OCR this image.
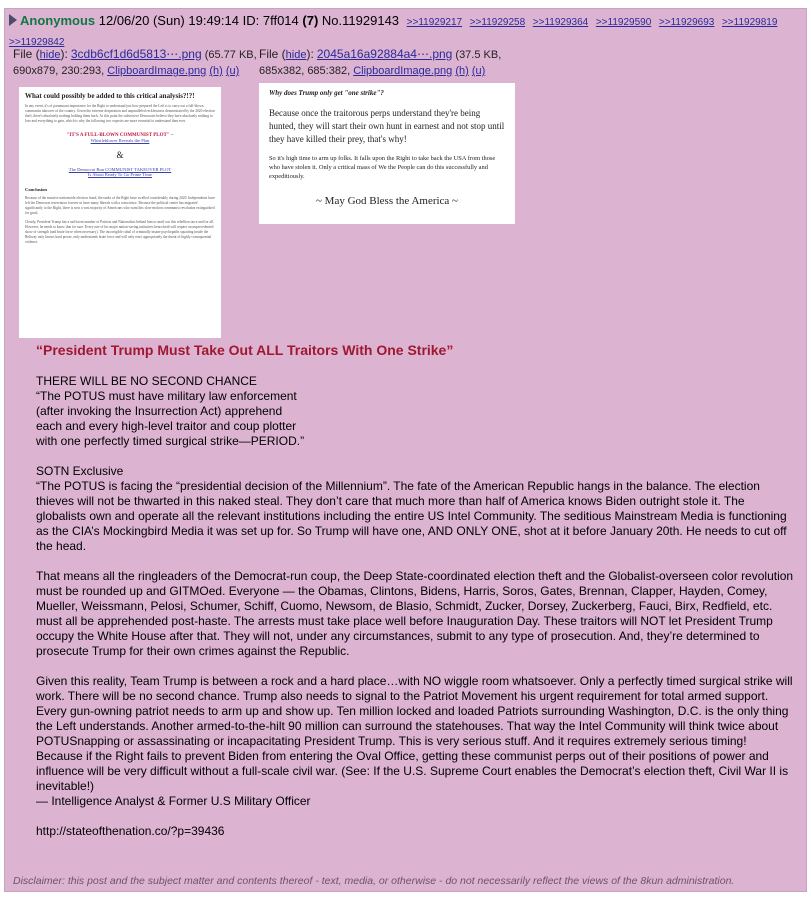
Anonymous 12/06/20 (Sun) 19:49:14 ID: 7ff014 (7) No.11929143 >>11929217 >>11929258 >>11929364 >>11929590 >>11929693 >>11929819
>>11929842
File (hide): 3cdb6cf1d6d5813⋯.png (65.77 KB, 690x879, 230:293, ClipboardImage.png (h) (u)
File (hide): 2045a16a92884a4⋯.png (37.5 KB, 685x382, 685:382, ClipboardImage.png (h) (u)
What could possibly be added to this critical analysis?!?!
In any event, it's of paramount importance for the Right to understand just how prepared the Left is to carry out a full-blown communist takeover of the country. Given the extreme desperation and unparalleled recklessness demonstrated by the 2020 election theft, there's absolutely nothing holding them back. At this point the subversive Democrats believe they have absolutely nothing to lose and everything to gain, which is why the following two exposés are more essential to understand than ever.
"IT'S A FULL-BLOWN COMMUNIST PLOT" –
Whistleblower Reveals the Plan
&
The Democrat Run COMMUNIST TAKEOVER PLOT
Is About Ready To Go Prime Time
Conclusion
Because of the massive nationwide election fraud, the ranks of the Right have swelled considerably during 2020. Independents have left the Democrat reservation forever as have many liberals with a conscience. Because the political center has migrated significantly to the Right, there is now a vast majority of Americans who want this slow-motion communist revolution extinguished for good.
Clearly, President Trump has a sufficient number of Patriots and Nationalists behind him to snuff out this rebellion once and for all. However, he needs to know that for sure. Every one of his major nation-saving initiatives henceforth will require an unprecedented show of strength (and brute force when necessary). The incorrigible cabal of criminally insane psychopaths squatting inside the Beltway only knows hard power, only understands brute force and will only react appropriately the threat of highly consequential violence.
Why does Trump only get "one strike"?
Because once the traitorous perps understand they're being hunted, they will start their own hunt in earnest and not stop until they have killed their prey, that's why!
So it's high time to arm up folks. It falls upon the Right to take back the USA from those who have stolen it. Only a critical mass of We the People can do this successfully and expeditiously.
~ May God Bless the America ~
“President Trump Must Take Out ALL Traitors With One Strike”
THERE WILL BE NO SECOND CHANCE
“The POTUS must have military law enforcement
(after invoking the Insurrection Act) apprehend
each and every high-level traitor and coup plotter
with one perfectly timed surgical strike—PERIOD.”
SOTN Exclusive
“The POTUS is facing the “presidential decision of the Millennium”. The fate of the American Republic hangs in the balance. The election thieves will not be thwarted in this naked steal. They don’t care that much more than half of America knows Biden outright stole it. The globalists own and operate all the relevant institutions including the entire US Intel Community. The seditious Mainstream Media is functioning as the CIA’s Mockingbird Media it was set up for. So Trump will have one, AND ONLY ONE, shot at it before January 20th. He needs to cut off the head.
That means all the ringleaders of the Democrat-run coup, the Deep State-coordinated election theft and the Globalist-overseen color revolution must be rounded up and GITMOed. Everyone — the Obamas, Clintons, Bidens, Harris, Soros, Gates, Brennan, Clapper, Hayden, Comey, Mueller, Weissmann, Pelosi, Schumer, Schiff, Cuomo, Newsom, de Blasio, Schmidt, Zucker, Dorsey, Zuckerberg, Fauci, Birx, Redfield, etc. must all be apprehended post-haste. The arrests must take place well before Inauguration Day. These traitors will NOT let President Trump occupy the White House after that. They will not, under any circumstances, submit to any type of prosecution. And, they’re determined to prosecute Trump for their own crimes against the Republic.
Given this reality, Team Trump is between a rock and a hard place…with NO wiggle room whatsoever. Only a perfectly timed surgical strike will work. There will be no second chance. Trump also needs to signal to the Patriot Movement his urgent requirement for total armed support. Every gun-owning patriot needs to arm up and show up. Ten million locked and loaded Patriots surrounding Washington, D.C. is the only thing the Left understands. Another armed-to-the-hilt 90 million can surround the statehouses. That way the Intel Community will think twice about POTUSnapping or assassinating or incapacitating President Trump. This is very serious stuff. And it requires extremely serious timing! Because if the Right fails to prevent Biden from entering the Oval Office, getting these communist perps out of their positions of power and influence will be very difficult without a full-scale civil war. (See: If the U.S. Supreme Court enables the Democrat’s election theft, Civil War II is inevitable!)
— Intelligence Analyst & Former U.S Military Officer
http://stateofthenation.co/?p=39436
Disclaimer: this post and the subject matter and contents thereof - text, media, or otherwise - do not necessarily reflect the views of the 8kun administration.
